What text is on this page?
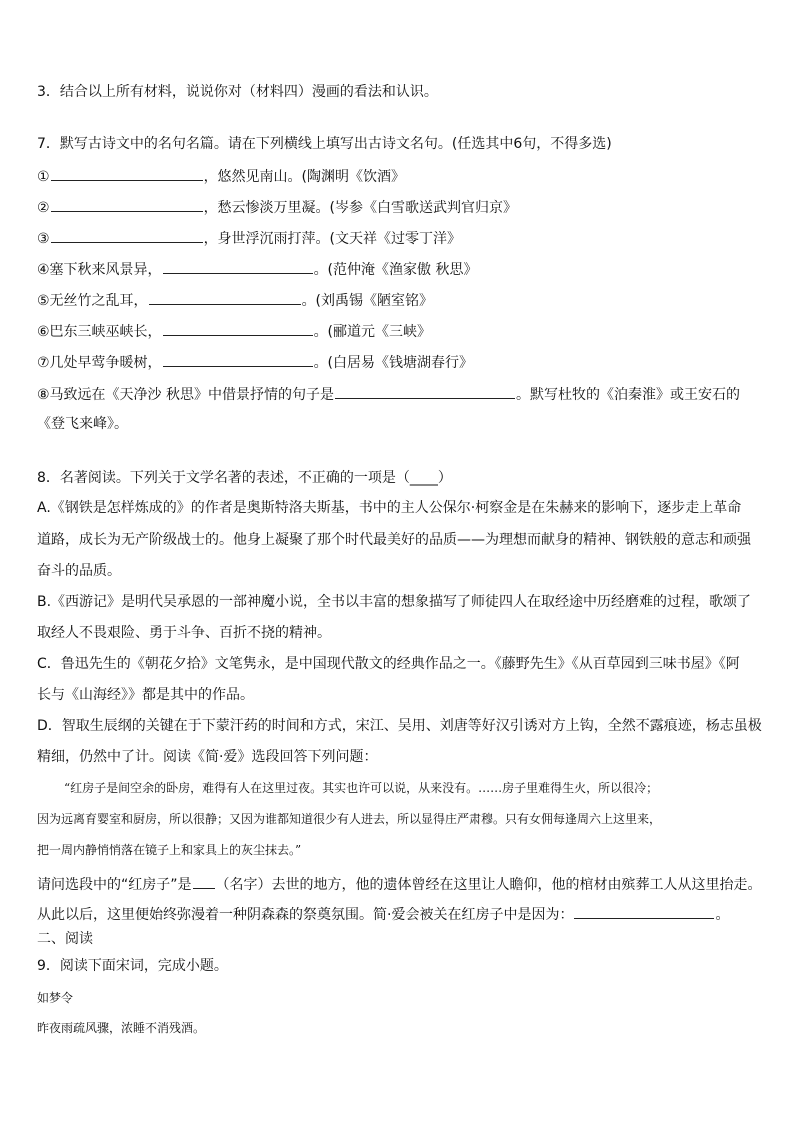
3．结合以上所有材料，说说你对（材料四）漫画的看法和认识。
7．默写古诗文中的名句名篇。请在下列横线上填写出古诗文名句。(任选其中6句，不得多选)
①	，悠然见南山。(陶渊明《饮酒》
②	，愁云惨淡万里凝。(岑参《白雪歌送武判官归京》
③	，身世浮沉雨打萍。(文天祥《过零丁洋》
④塞下秋来风景异，	。(范仲淹《渔家傲 秋思》
⑤无丝竹之乱耳，	。(刘禹锡《陋室铭》
⑥巴东三峡巫峡长，	。(郦道元《三峡》
⑦几处早莺争暖树，	。(白居易《钱塘湖春行》
⑧马致远在《天净沙 秋思》中借景抒情的句子是	。默写杜牧的《泊秦淮》或王安石的
《登飞来峰》。
8．名著阅读。下列关于文学名著的表述，不正确的一项是（____）
A.《钢铁是怎样炼成的》的作者是奥斯特洛夫斯基，书中的主人公保尔·柯察金是在朱赫来的影响下，逐步走上革命
道路，成长为无产阶级战士的。他身上凝聚了那个时代最美好的品质——为理想而献身的精神、钢铁般的意志和顽强
奋斗的品质。
B.《西游记》是明代吴承恩的一部神魔小说，全书以丰富的想象描写了师徒四人在取经途中历经磨难的过程，歌颂了
取经人不畏艰险、勇于斗争、百折不挠的精神。
C．鲁迅先生的《朝花夕拾》文笔隽永，是中国现代散文的经典作品之一。《藤野先生》《从百草园到三味书屋》《阿
长与《山海经》》都是其中的作品。
D．智取生辰纲的关键在于下蒙汗药的时间和方式，宋江、吴用、刘唐等好汉引诱对方上钩，全然不露痕迹，杨志虽极
精细，仍然中了计。阅读《简·爱》选段回答下列问题：
“红房子是间空余的卧房，难得有人在这里过夜。其实也许可以说，从来没有。……房子里难得生火，所以很冷；
因为远离育婴室和厨房，所以很静；又因为谁都知道很少有人进去，所以显得庄严肃穆。只有女佣每逢周六上这里来，
把一周内静悄悄落在镜子上和家具上的灰尘抹去。”
请问选段中的“红房子”是 （名字）去世的地方，他的遗体曾经在这里让人瞻仰，他的棺材由殡葬工人从这里抬走。
从此以后，这里便始终弥漫着一种阴森森的祭奠氛围。简·爱会被关在红房子中是因为：	。
二、阅读
9．阅读下面宋词，完成小题。
如梦令
昨夜雨疏风骤，浓睡不消残酒。
